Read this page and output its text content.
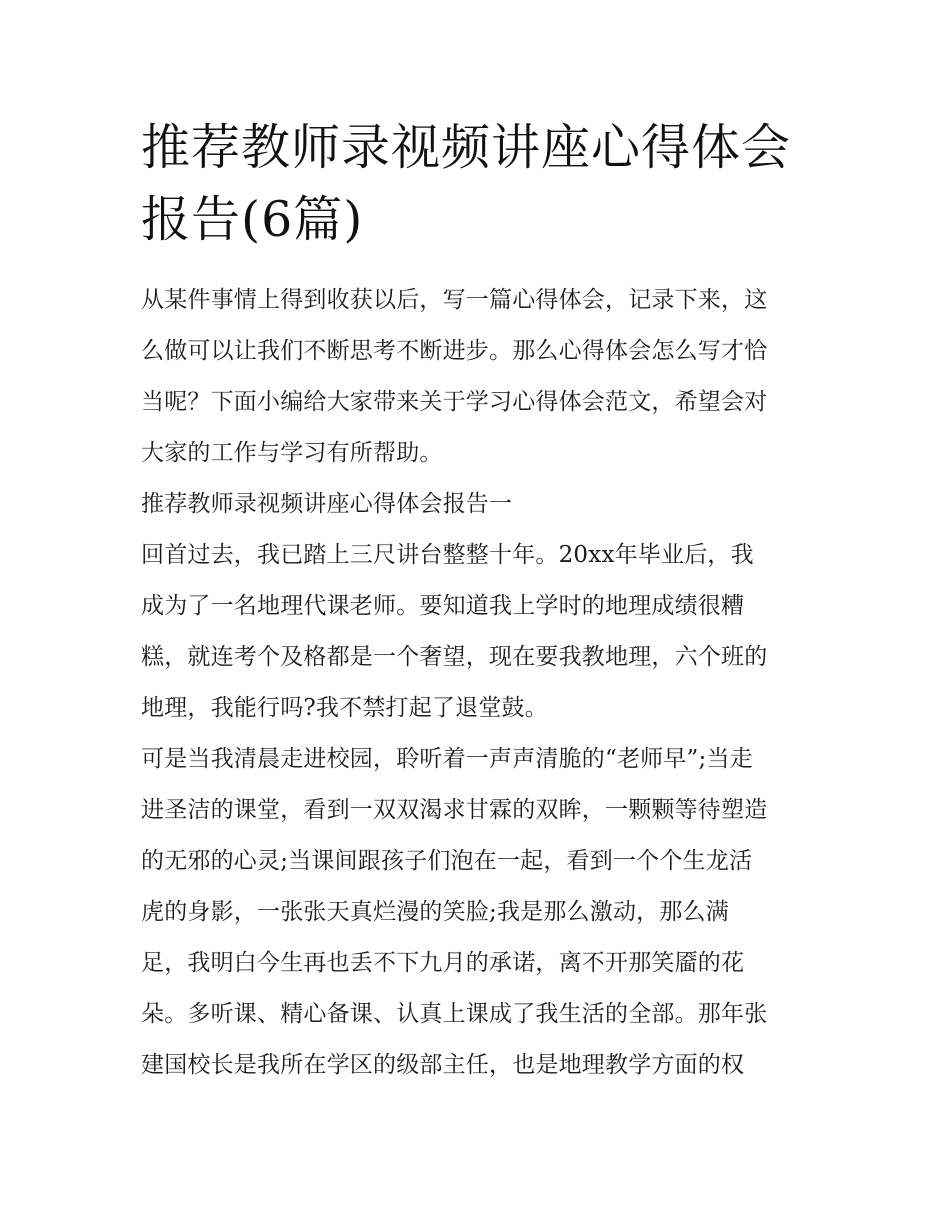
推荐教师录视频讲座心得体会
报告(6篇)

从某件事情上得到收获以后，写一篇心得体会，记录下来，这
么做可以让我们不断思考不断进步。那么心得体会怎么写才恰
当呢？下面小编给大家带来关于学习心得体会范文，希望会对
大家的工作与学习有所帮助。

推荐教师录视频讲座心得体会报告一

回首过去，我已踏上三尺讲台整整十年。20xx年毕业后，我
成为了一名地理代课老师。要知道我上学时的地理成绩很糟
糕，就连考个及格都是一个奢望，现在要我教地理，六个班的
地理，我能行吗?我不禁打起了退堂鼓。

可是当我清晨走进校园，聆听着一声声清脆的“老师早”;当走
进圣洁的课堂，看到一双双渴求甘霖的双眸，一颗颗等待塑造
的无邪的心灵;当课间跟孩子们泡在一起，看到一个个生龙活
虎的身影，一张张天真烂漫的笑脸;我是那么激动，那么满
足，我明白今生再也丢不下九月的承诺，离不开那笑靥的花
朵。多听课、精心备课、认真上课成了我生活的全部。那年张
建国校长是我所在学区的级部主任，也是地理教学方面的权
